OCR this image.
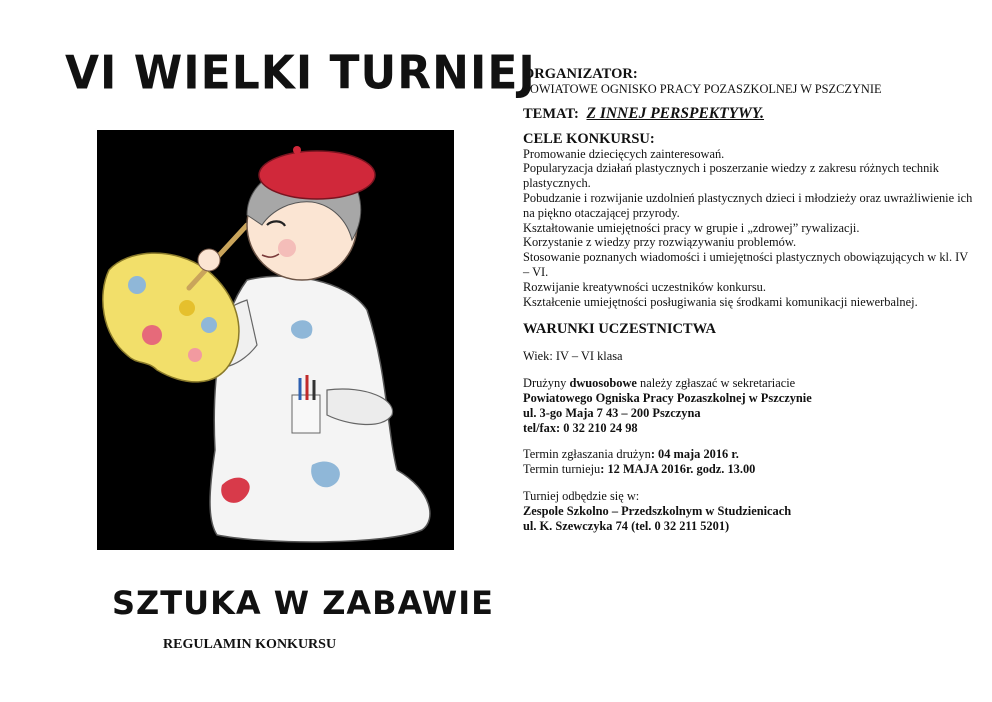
VI WIELKI TURNIEJ
SZTUKA W ZABAWIE
REGULAMIN KONKURSU
ORGANIZATOR:
POWIATOWE OGNISKO PRACY POZASZKOLNEJ W PSZCZYNIE
TEMAT: Z INNEJ PERSPEKTYWY.
CELE KONKURSU:

Promowanie dziecięcych zainteresowań.

Popularyzacja działań plastycznych i poszerzanie wiedzy z zakresu różnych technik plastycznych.

Pobudzanie i rozwijanie uzdolnień plastycznych dzieci i młodzieży oraz uwrażliwienie ich na piękno otaczającej przyrody.

Kształtowanie umiejętności pracy w grupie i „zdrowej” rywalizacji.

Korzystanie z wiedzy przy rozwiązywaniu problemów.

Stosowanie poznanych wiadomości i umiejętności plastycznych obowiązujących w kl. IV – VI.

Rozwijanie kreatywności uczestników konkursu.

Kształcenie umiejętności posługiwania się środkami komunikacji niewerbalnej.

WARUNKI UCZESTNICTWA

Wiek: IV – VI klasa

Drużyny dwuosobowe należy zgłaszać w sekretariacie

Powiatowego Ogniska Pracy Pozaszkolnej w Pszczynie

ul. 3-go Maja 7 43 – 200 Pszczyna

tel/fax: 0 32 210 24 98

Termin zgłaszania drużyn: 04 maja 2016 r.

Termin turnieju: 12 MAJA 2016r. godz. 13.00

Turniej odbędzie się w:

Zespole Szkolno – Przedszkolnym w Studzienicach

ul. K. Szewczyka 74 (tel. 0 32 211 5201)
